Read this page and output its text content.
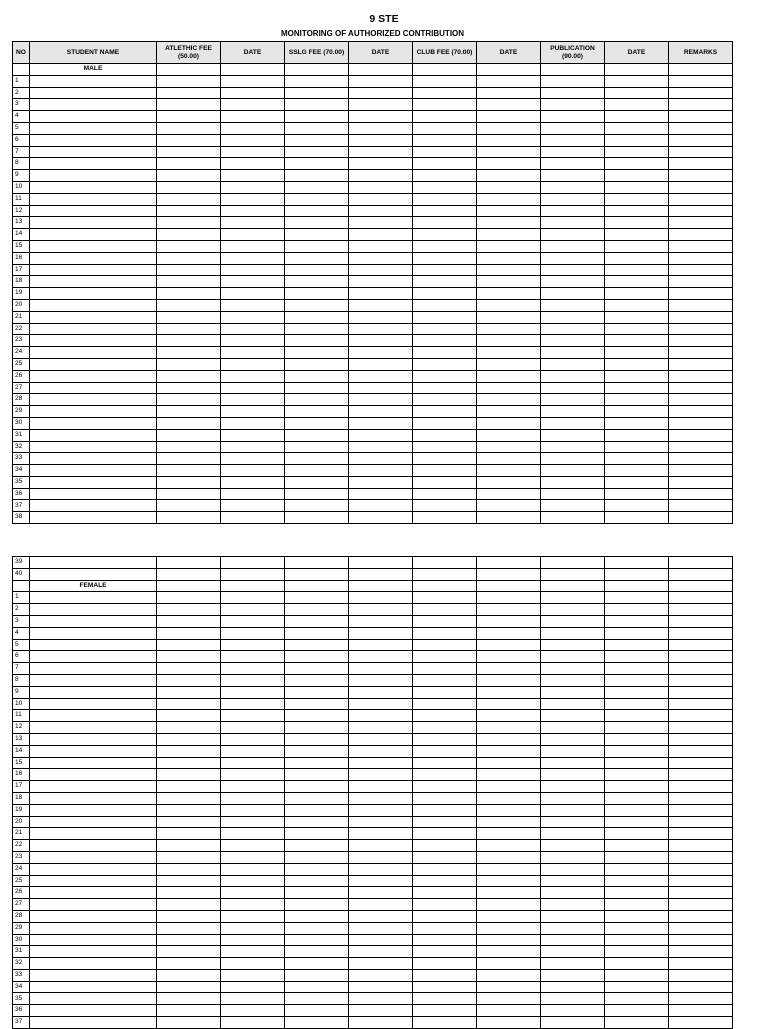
9 STE
MONITORING OF AUTHORIZED CONTRIBUTION
NO	STUDENT NAME	ATLETHIC FEE (50.00)	DATE	SSLG FEE (70.00)	DATE	CLUB FEE (70.00)	DATE	PUBLICATION (90.00)	DATE	REMARKS
	MALE									
1										
2										
3										
4										
5										
6										
7										
8										
9										
10										
11										
12										
13										
14										
15										
16										
17										
18										
19										
20										
21										
22										
23										
24										
25										
26										
27										
28										
29										
30										
31										
32										
33										
34										
35										
36										
37										
38										
39										
40										
	FEMALE									
1										
2										
3										
4										
5										
6										
7										
8										
9										
10										
11										
12										
13										
14										
15										
16										
17										
18										
19										
20										
21										
22										
23										
24										
25										
26										
27										
28										
29										
30										
31										
32										
33										
34										
35										
36										
37										
